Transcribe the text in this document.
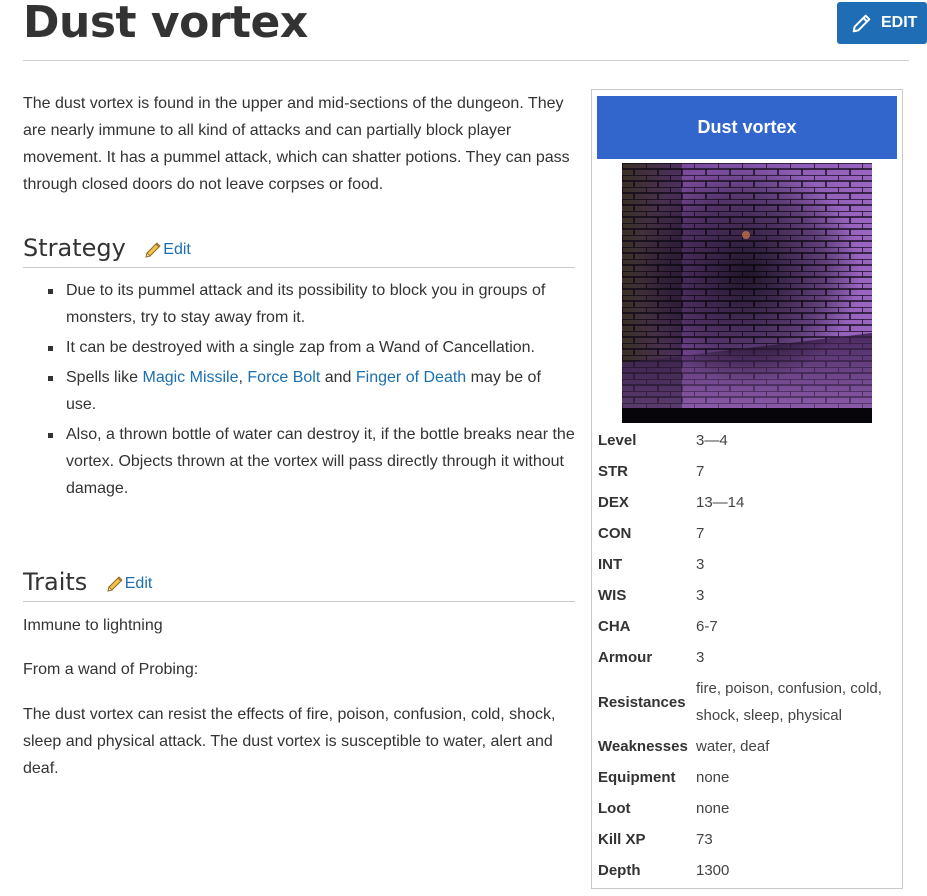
Dust vortex	EDIT

The dust vortex is found in the upper and mid-sections of the dungeon. They are nearly immune to all kind of attacks and can partially block player movement. It has a pummel attack, which can shatter potions. They can pass through closed doors do not leave corpses or food.

Strategy Edit
Due to its pummel attack and its possibility to block you in groups of monsters, try to stay away from it.
It can be destroyed with a single zap from a Wand of Cancellation.
Spells like Magic Missile, Force Bolt and Finger of Death may be of use.
Also, a thrown bottle of water can destroy it, if the bottle breaks near the vortex. Objects thrown at the vortex will pass directly through it without damage.
Traits Edit

Immune to lightning

From a wand of Probing:

The dust vortex can resist the effects of fire, poison, confusion, cold, shock, sleep and physical attack. The dust vortex is susceptible to water, alert and deaf.

Dust vortex
Level	3—4
STR	7
DEX	13—14
CON	7
INT	3
WIS	3
CHA	6-7
Armour	3
Resistances	fire, poison, confusion, cold, shock, sleep, physical
Weaknesses	water, deaf
Equipment	none
Loot	none
Kill XP	73
Depth	1300
